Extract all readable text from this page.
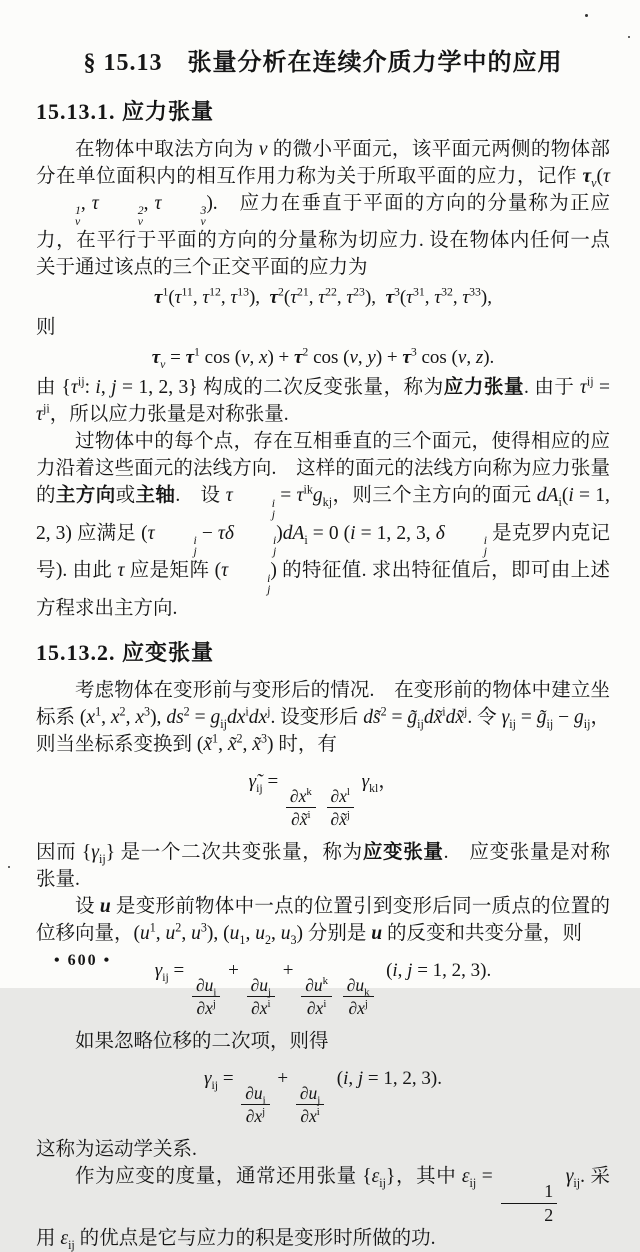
§ 15.13　张量分析在连续介质力学中的应用
15.13.1. 应力张量

在物体中取法方向为 ν 的微小平面元，该平面元两侧的物体部分在单位面积内的相互作用力称为关于所取平面的应力，记作 $\tau_\nu(\tau$
1
ν
, τ	2
ν
, τ	3
ν
).　应力在垂直于平面的方向的分量称为正应力，在平行于平面的方向的分量称为切应力. 设在物体内任何一点关于通过该点的三个正交平面的应力为

$\tau^1(\tau^{11}$, $\tau^{12}$, $\tau^{13}$), $\tau^2(\tau^{21}$, $\tau^{22}$, $\tau^{23}$), $\tau^3(\tau^{31}$, $\tau^{32}$, $\tau^{33}$),

则

$\tau_\nu = \tau^1$ cos (ν, $x) + \tau^2$ cos (ν, $y) + \tau^3$ cos (ν, z).

由 {$\tau^{ij}$: i, j = 1, 2, 3} 构成的二次反变张量，称为应力张量. 由于 $\tau^{ij} = \tau^{ji}$，所以应力张量是对称张量.

过物体中的每个点，存在互相垂直的三个面元，使得相应的应力沿着这些面元的法线方向.　这样的面元的法线方向称为应力张量的主方向或主轴.　设 τ	i
j
= $\tau^{ik}g_{kj}$，则三个主方向的面元 $dA_i(i = 1$, 2, 3) 应满足 (τ	i
j
− τδ	i
j
)$dA_i = 0$ (i = 1, 2, 3, δ	i
j
是克罗内克记号). 由此 τ 应是矩阵 (τ	i
j
) 的特征值. 求出特征值后，即可由上述方程求出主方向.

15.13.2. 应变张量

考虑物体在变形前与变形后的情况.　在变形前的物体中建立坐标系 ($x^1$, $x^2$, $x^3$), $ds^2 = g_{ij}dx^idx^j$. 设变形后 ds̃$^2$ = $g̃_{ij}dx̃^idx̃^j$. 令 $\gamma_{ij}$ = $g̃_{ij} - g_{ij}$，则当坐标系变换到 (x̃$^1$, x̃$^2$, x̃$^3$) 时，有

$\gammã_{ij}$ =
$\frac{\partial x^k}{\partial x̃^i}$
$\frac{\partial x^l}{\partial x̃^j}$
$\gamma_{kl}$，

因而 $\{\gamma_{ij}\}$ 是一个二次共变张量，称为应变张量.　应变张量是对称张量.

设 u 是变形前物体中一点的位置引到变形后同一质点的位置的 位移向量，($u^1$, $u^2$, $u^3$), ($u_1$, $u_2$, $u_3$) 分别是 u 的反变和共变分量，则

$\gamma_{ij}$ =
$\frac{\partial u_i}{\partial x^j}$
+
$\frac{\partial u_j}{\partial x^i}$
+
$\frac{\partial u^k}{\partial x^i}$
$\frac{\partial u_k}{\partial x^j}$
 (i, j = 1, 2, 3).

如果忽略位移的二次项，则得

$\gamma_{ij}$ =
$\frac{\partial u_i}{\partial x^j}$
+
$\frac{\partial u_j}{\partial x^i}$
 (i, j = 1, 2, 3).

这称为运动学关系.

作为应变的度量，通常还用张量 $\{\varepsilon_{ij}\}$，其中 $\varepsilon_{ij}$ =
$\frac{1}{2}$
$\gamma_{ij}$. 采用 $\varepsilon_{ij}$ 的优点是它与应力的积是变形时所做的功.

• 600 •
